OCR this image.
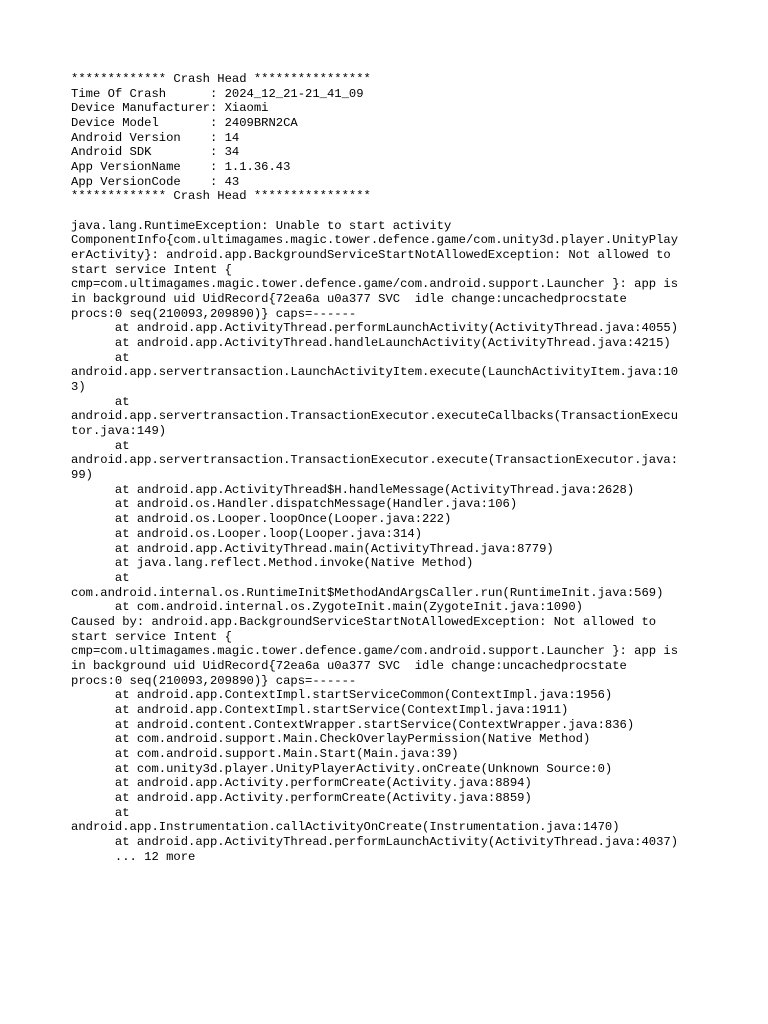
************* Crash Head ****************
Time Of Crash      : 2024_12_21-21_41_09
Device Manufacturer: Xiaomi
Device Model       : 2409BRN2CA
Android Version    : 14
Android SDK        : 34
App VersionName    : 1.1.36.43
App VersionCode    : 43
************* Crash Head ****************
java.lang.RuntimeException: Unable to start activity
ComponentInfo{com.ultimagames.magic.tower.defence.game/com.unity3d.player.UnityPlay
erActivity}: android.app.BackgroundServiceStartNotAllowedException: Not allowed to
start service Intent {
cmp=com.ultimagames.magic.tower.defence.game/com.android.support.Launcher }: app is
in background uid UidRecord{72ea6a u0a377 SVC  idle change:uncachedprocstate
procs:0 seq(210093,209890)} caps=------
at android.app.ActivityThread.performLaunchActivity(ActivityThread.java:4055)
at android.app.ActivityThread.handleLaunchActivity(ActivityThread.java:4215)
at
android.app.servertransaction.LaunchActivityItem.execute(LaunchActivityItem.java:10
3)
at
android.app.servertransaction.TransactionExecutor.executeCallbacks(TransactionExecu
tor.java:149)
at
android.app.servertransaction.TransactionExecutor.execute(TransactionExecutor.java:
99)
at android.app.ActivityThread$H.handleMessage(ActivityThread.java:2628)
at android.os.Handler.dispatchMessage(Handler.java:106)
at android.os.Looper.loopOnce(Looper.java:222)
at android.os.Looper.loop(Looper.java:314)
at android.app.ActivityThread.main(ActivityThread.java:8779)
at java.lang.reflect.Method.invoke(Native Method)
at
com.android.internal.os.RuntimeInit$MethodAndArgsCaller.run(RuntimeInit.java:569)
at com.android.internal.os.ZygoteInit.main(ZygoteInit.java:1090)
Caused by: android.app.BackgroundServiceStartNotAllowedException: Not allowed to
start service Intent {
cmp=com.ultimagames.magic.tower.defence.game/com.android.support.Launcher }: app is
in background uid UidRecord{72ea6a u0a377 SVC  idle change:uncachedprocstate
procs:0 seq(210093,209890)} caps=------
at android.app.ContextImpl.startServiceCommon(ContextImpl.java:1956)
at android.app.ContextImpl.startService(ContextImpl.java:1911)
at android.content.ContextWrapper.startService(ContextWrapper.java:836)
at com.android.support.Main.CheckOverlayPermission(Native Method)
at com.android.support.Main.Start(Main.java:39)
at com.unity3d.player.UnityPlayerActivity.onCreate(Unknown Source:0)
at android.app.Activity.performCreate(Activity.java:8894)
at android.app.Activity.performCreate(Activity.java:8859)
at
android.app.Instrumentation.callActivityOnCreate(Instrumentation.java:1470)
at android.app.ActivityThread.performLaunchActivity(ActivityThread.java:4037)
... 12 more
